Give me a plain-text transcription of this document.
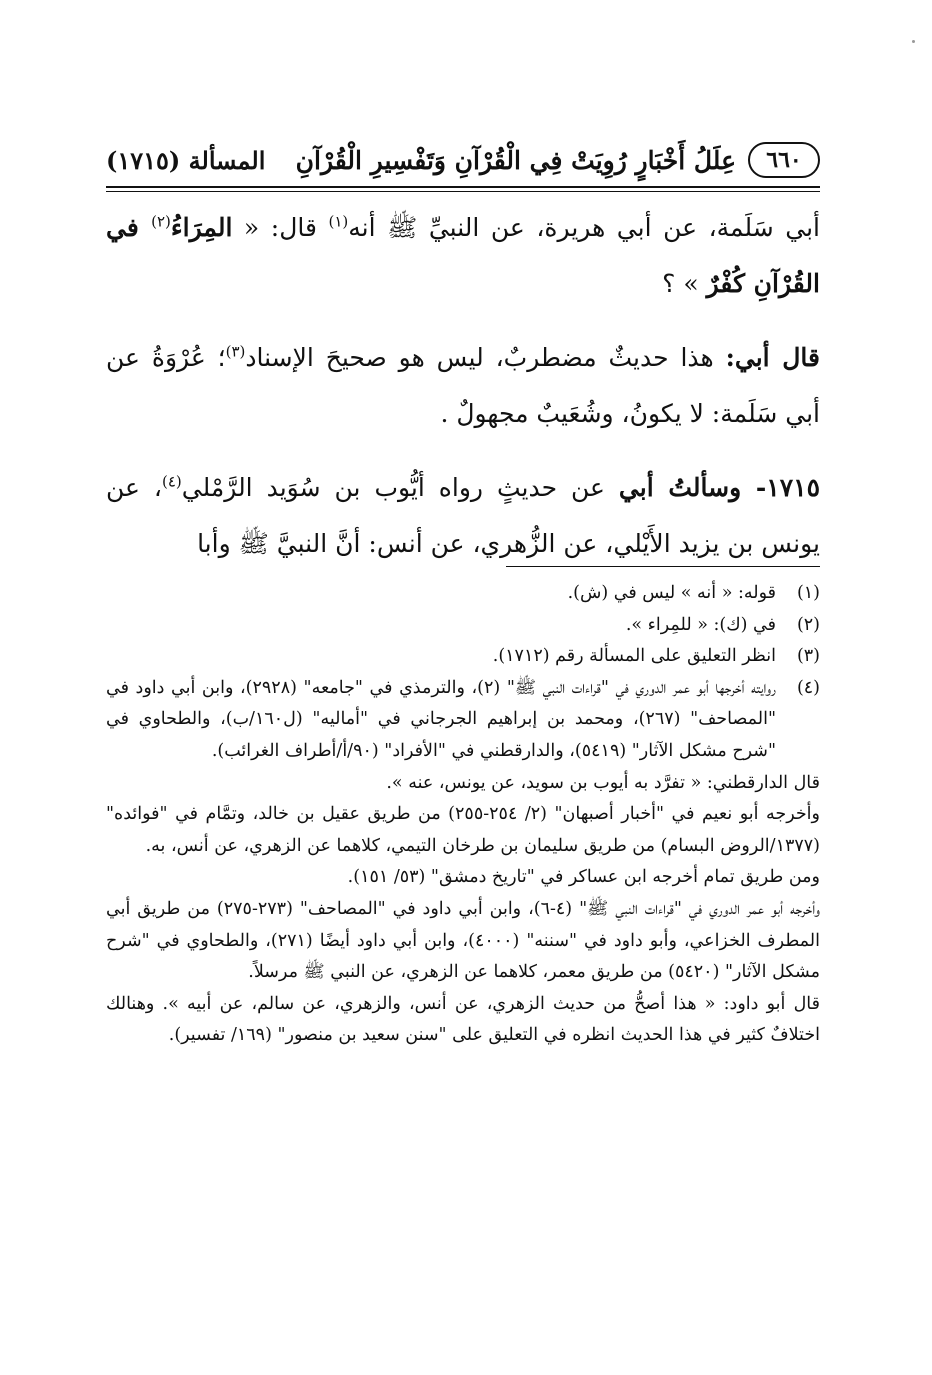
٦٦٠
عِلَلُ أَخْبَارٍ رُوِيَتْ فِي الْقُرْآنِ وَتَفْسِيرِ الْقُرْآنِ
المسألة (١٧١٥)

أبي سَلَمة، عن أبي هريرة، عن النبيِّ ﷺ أنه$^{(١)}$ قال: « المِرَاءُ$^{(٢)}$ في القُرْآنِ كُفْرٌ » ؟

قال أبي: هذا حديثٌ مضطربٌ، ليس هو صحيحَ الإسناد$^{(٣)}$؛ عُرْوَةُ عن أبي سَلَمة: لا يكونُ، وشُعَيبٌ مجهولٌ .

١٧١٥- وسألتُ أبي عن حديثٍ رواه أيُّوب بن سُوَيد الرَّمْلي$^{(٤)}$، عن يونس بن يزيد الأَيْلي، عن الزُّهري، عن أنس: أنَّ النبيَّ ﷺ وأبا

(١)
قوله: « أنه » ليس في (ش).
(٢)
في (ك): « للمِراء ».
(٣)
انظر التعليق على المسألة رقم (١٧١٢).
(٤)
روايته أخرجها أبو عمر الدوري في "قراءات النبي ﷺ" (٢)، والترمذي في "جامعه" (٢٩٢٨)، وابن أبي داود في "المصاحف" (٢٦٧)، ومحمد بن إبراهيم الجرجاني في "أماليه" (ل١٦٠/ب)، والطحاوي في "شرح مشكل الآثار" (٥٤١٩)، والدارقطني في "الأفراد" (٩٠/أ/أطراف الغرائب).
قال الدارقطني: « تفرَّد به أيوب بن سويد، عن يونس، عنه ».
وأخرجه أبو نعيم في "أخبار أصبهان" (٢/ ٢٥٤-٢٥٥) من طريق عقيل بن خالد، وتمَّام في "فوائده" (١٣٧٧/الروض البسام) من طريق سليمان بن طرخان التيمي، كلاهما عن الزهري، عن أنس، به.
ومن طريق تمام أخرجه ابن عساكر في "تاريخ دمشق" (٥٣/ ١٥١).
وأخرجه أبو عمر الدوري في "قراءات النبي ﷺ" (٤-٦)، وابن أبي داود في "المصاحف" (٢٧٣-٢٧٥) من طريق أبي المطرف الخزاعي، وأبو داود في "سننه" (٤٠٠٠)، وابن أبي داود أيضًا (٢٧١)، والطحاوي في "شرح مشكل الآثار" (٥٤٢٠) من طريق معمر، كلاهما عن الزهري، عن النبي ﷺ مرسلاً.
قال أبو داود: « هذا أصحُّ من حديث الزهري، عن أنس، والزهري، عن سالم، عن أبيه ». وهنالك اختلافٌ كثير في هذا الحديث انظره في التعليق على "سنن سعيد بن منصور" (١٦٩/ تفسير).
